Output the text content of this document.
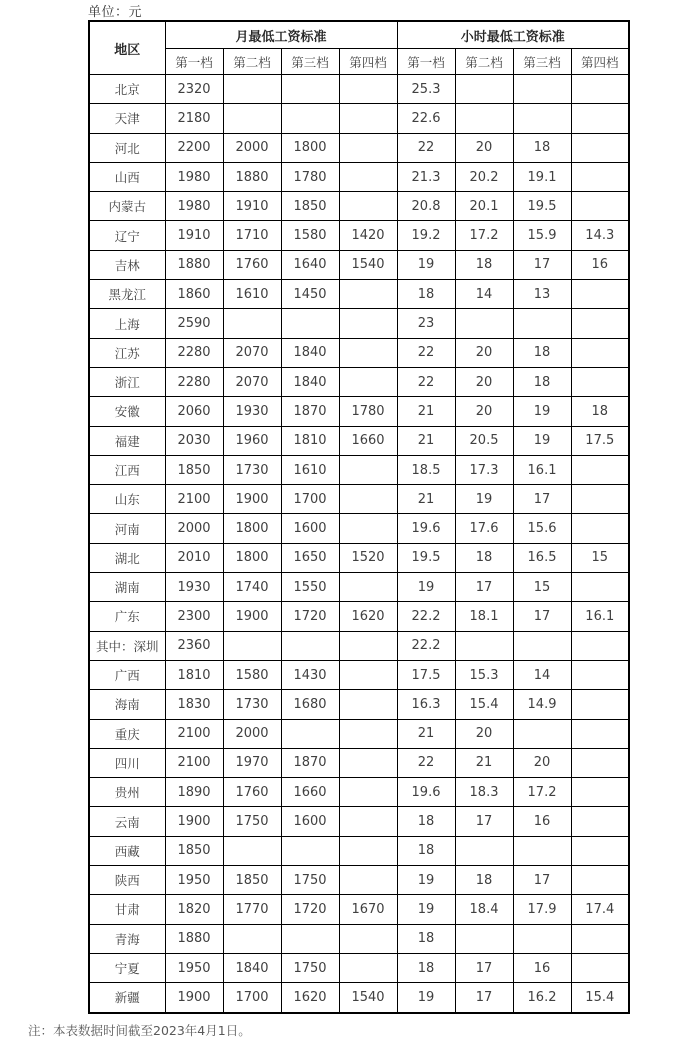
单位：元
地区	月最低工资标准				小时最低工资标准			
	第一档	第二档	第三档	第四档	第一档	第二档	第三档	第四档
北京	2320				25.3			
天津	2180				22.6			
河北	2200	2000	1800		22	20	18	
山西	1980	1880	1780		21.3	20.2	19.1	
内蒙古	1980	1910	1850		20.8	20.1	19.5	
辽宁	1910	1710	1580	1420	19.2	17.2	15.9	14.3
吉林	1880	1760	1640	1540	19	18	17	16
黑龙江	1860	1610	1450		18	14	13	
上海	2590				23			
江苏	2280	2070	1840		22	20	18	
浙江	2280	2070	1840		22	20	18	
安徽	2060	1930	1870	1780	21	20	19	18
福建	2030	1960	1810	1660	21	20.5	19	17.5
江西	1850	1730	1610		18.5	17.3	16.1	
山东	2100	1900	1700		21	19	17	
河南	2000	1800	1600		19.6	17.6	15.6	
湖北	2010	1800	1650	1520	19.5	18	16.5	15
湖南	1930	1740	1550		19	17	15	
广东	2300	1900	1720	1620	22.2	18.1	17	16.1
其中：深圳	2360				22.2			
广西	1810	1580	1430		17.5	15.3	14	
海南	1830	1730	1680		16.3	15.4	14.9	
重庆	2100	2000			21	20		
四川	2100	1970	1870		22	21	20	
贵州	1890	1760	1660		19.6	18.3	17.2	
云南	1900	1750	1600		18	17	16	
西藏	1850				18			
陕西	1950	1850	1750		19	18	17	
甘肃	1820	1770	1720	1670	19	18.4	17.9	17.4
青海	1880				18			
宁夏	1950	1840	1750		18	17	16	
新疆	1900	1700	1620	1540	19	17	16.2	15.4
注：本表数据时间截至2023年4月1日。
